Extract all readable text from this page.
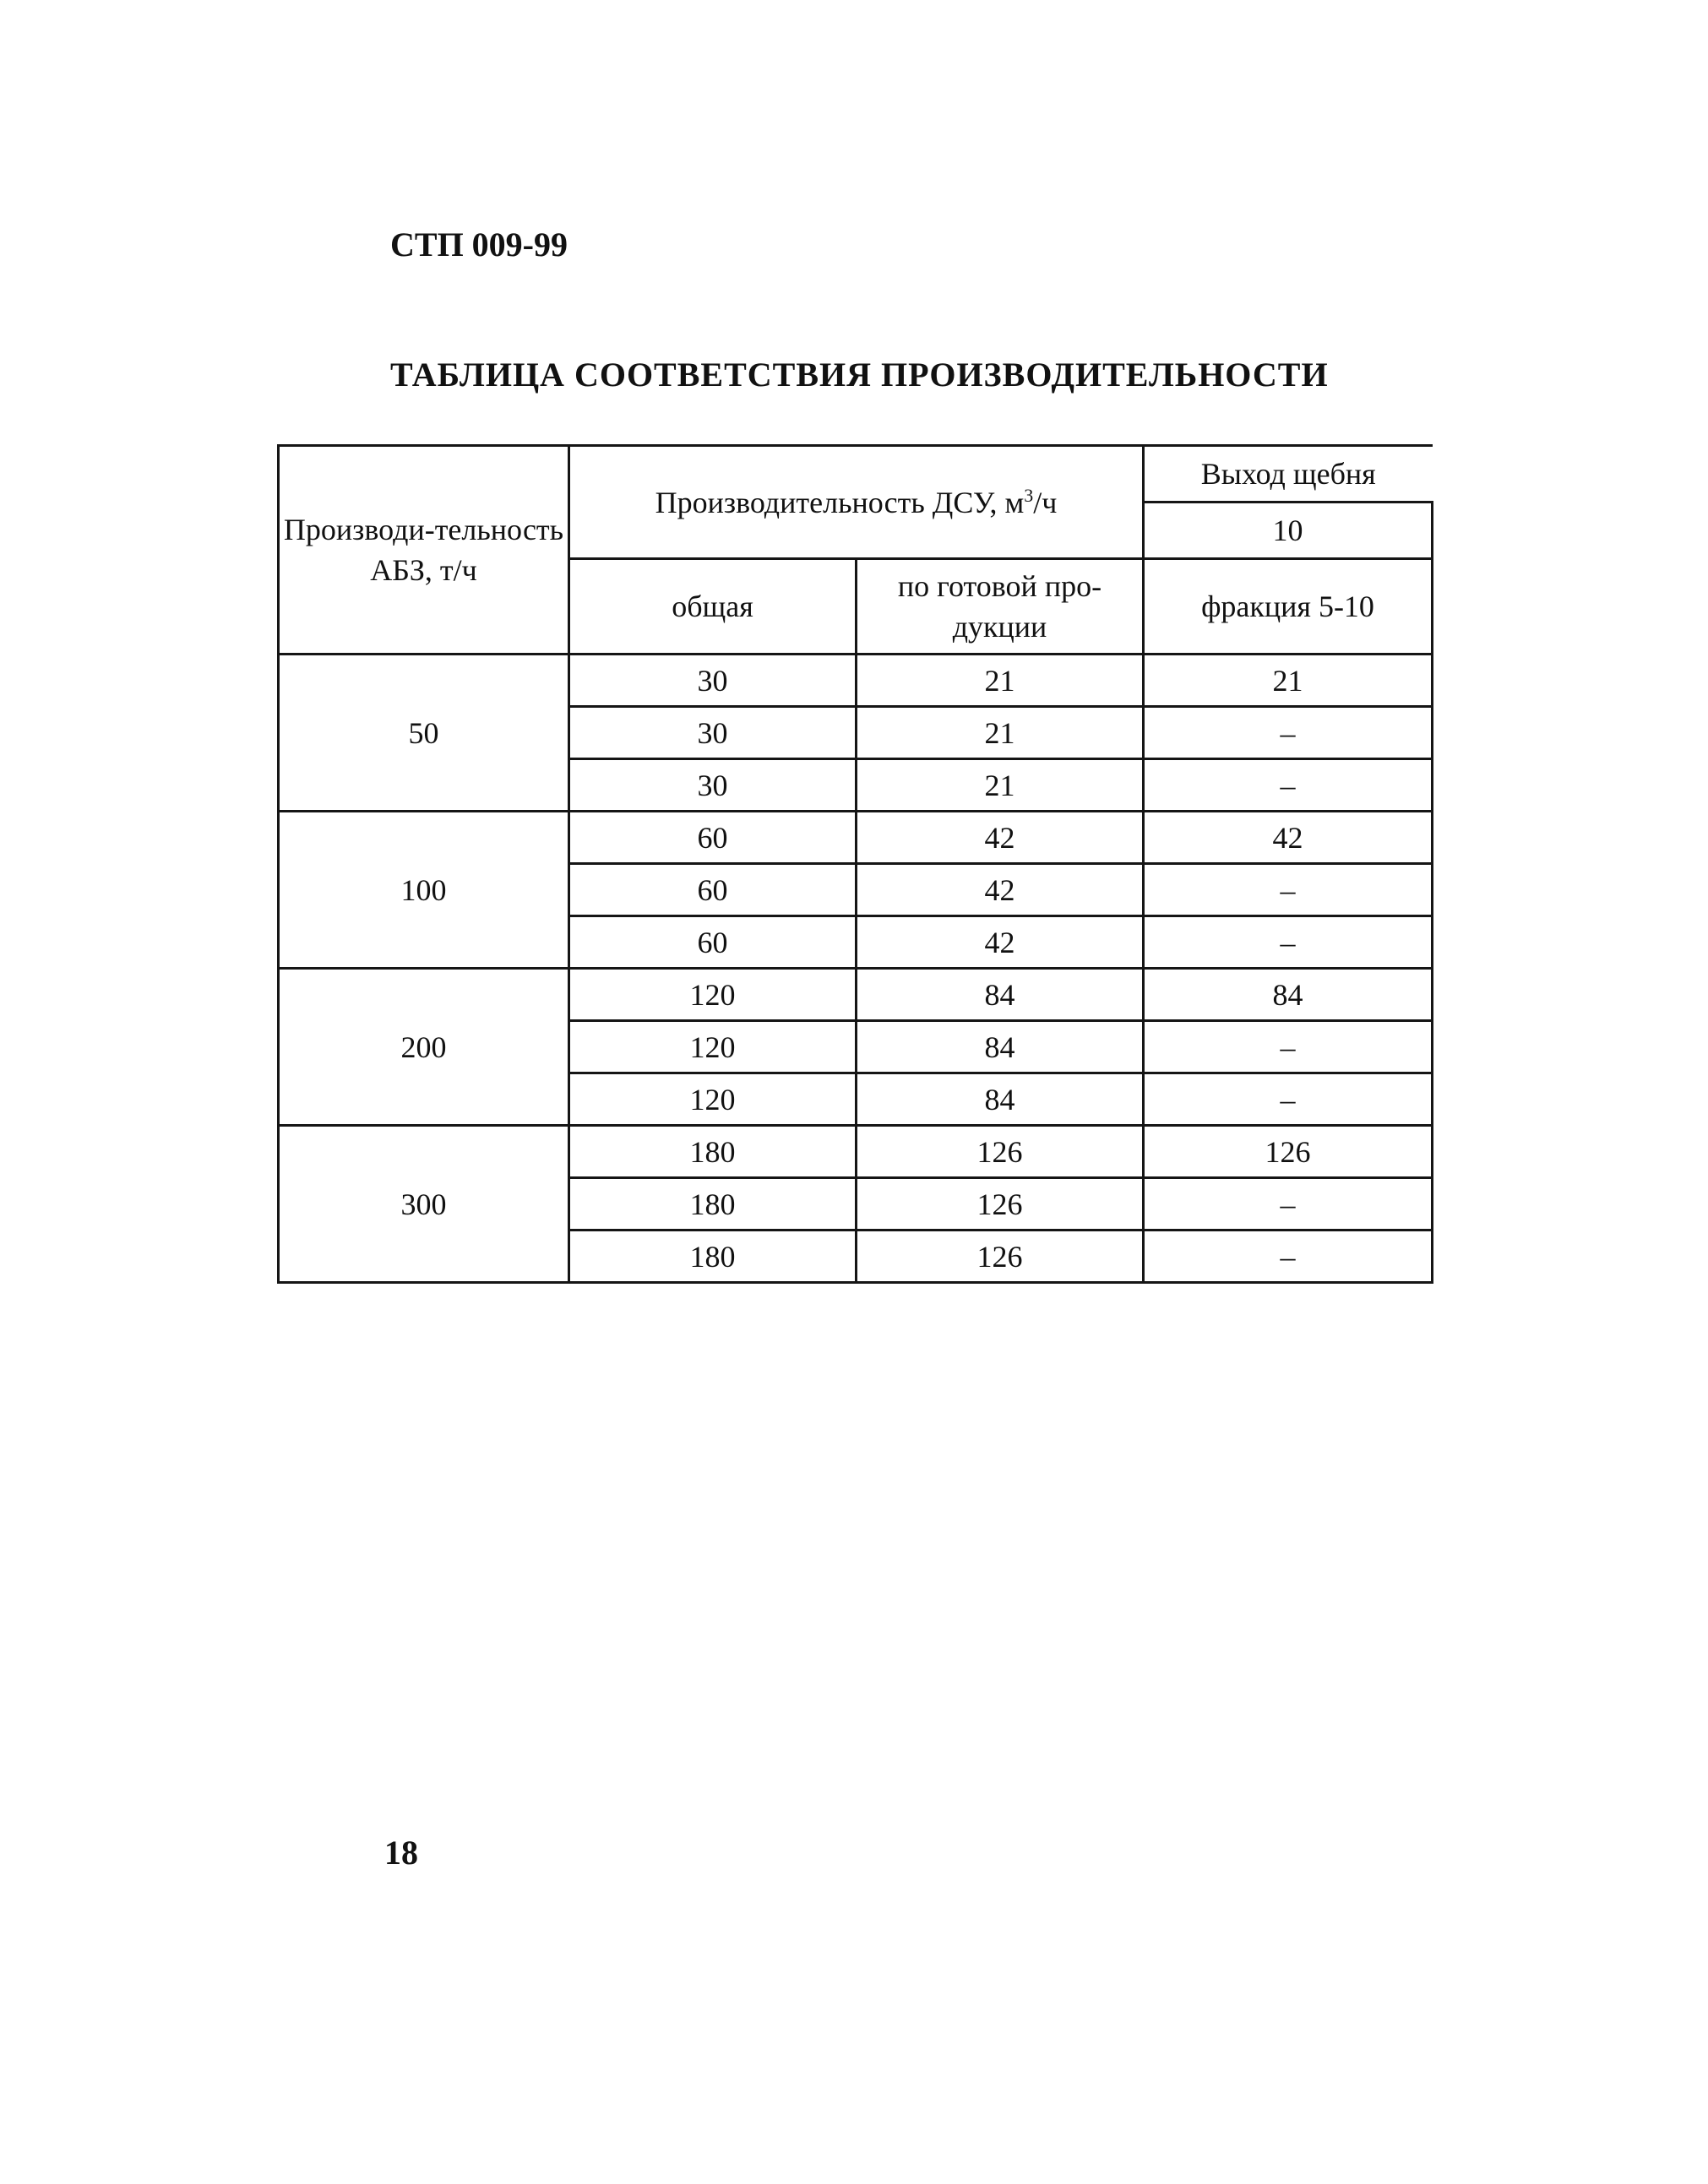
СТП 009-99
ТАБЛИЦА СООТВЕТСТВИЯ ПРОИЗВОДИТЕЛЬНОСТИ
Производи-тельность АБЗ, т/ч	Производительность ДСУ, $м^3/ч$		Выход щебня
			10
	общая	по готовой про-дукции	фракция 5-10
50	30	21	21
	30	21	–
	30	21	–
100	60	42	42
	60	42	–
	60	42	–
200	120	84	84
	120	84	–
	120	84	–
300	180	126	126
	180	126	–
	180	126	–
18
